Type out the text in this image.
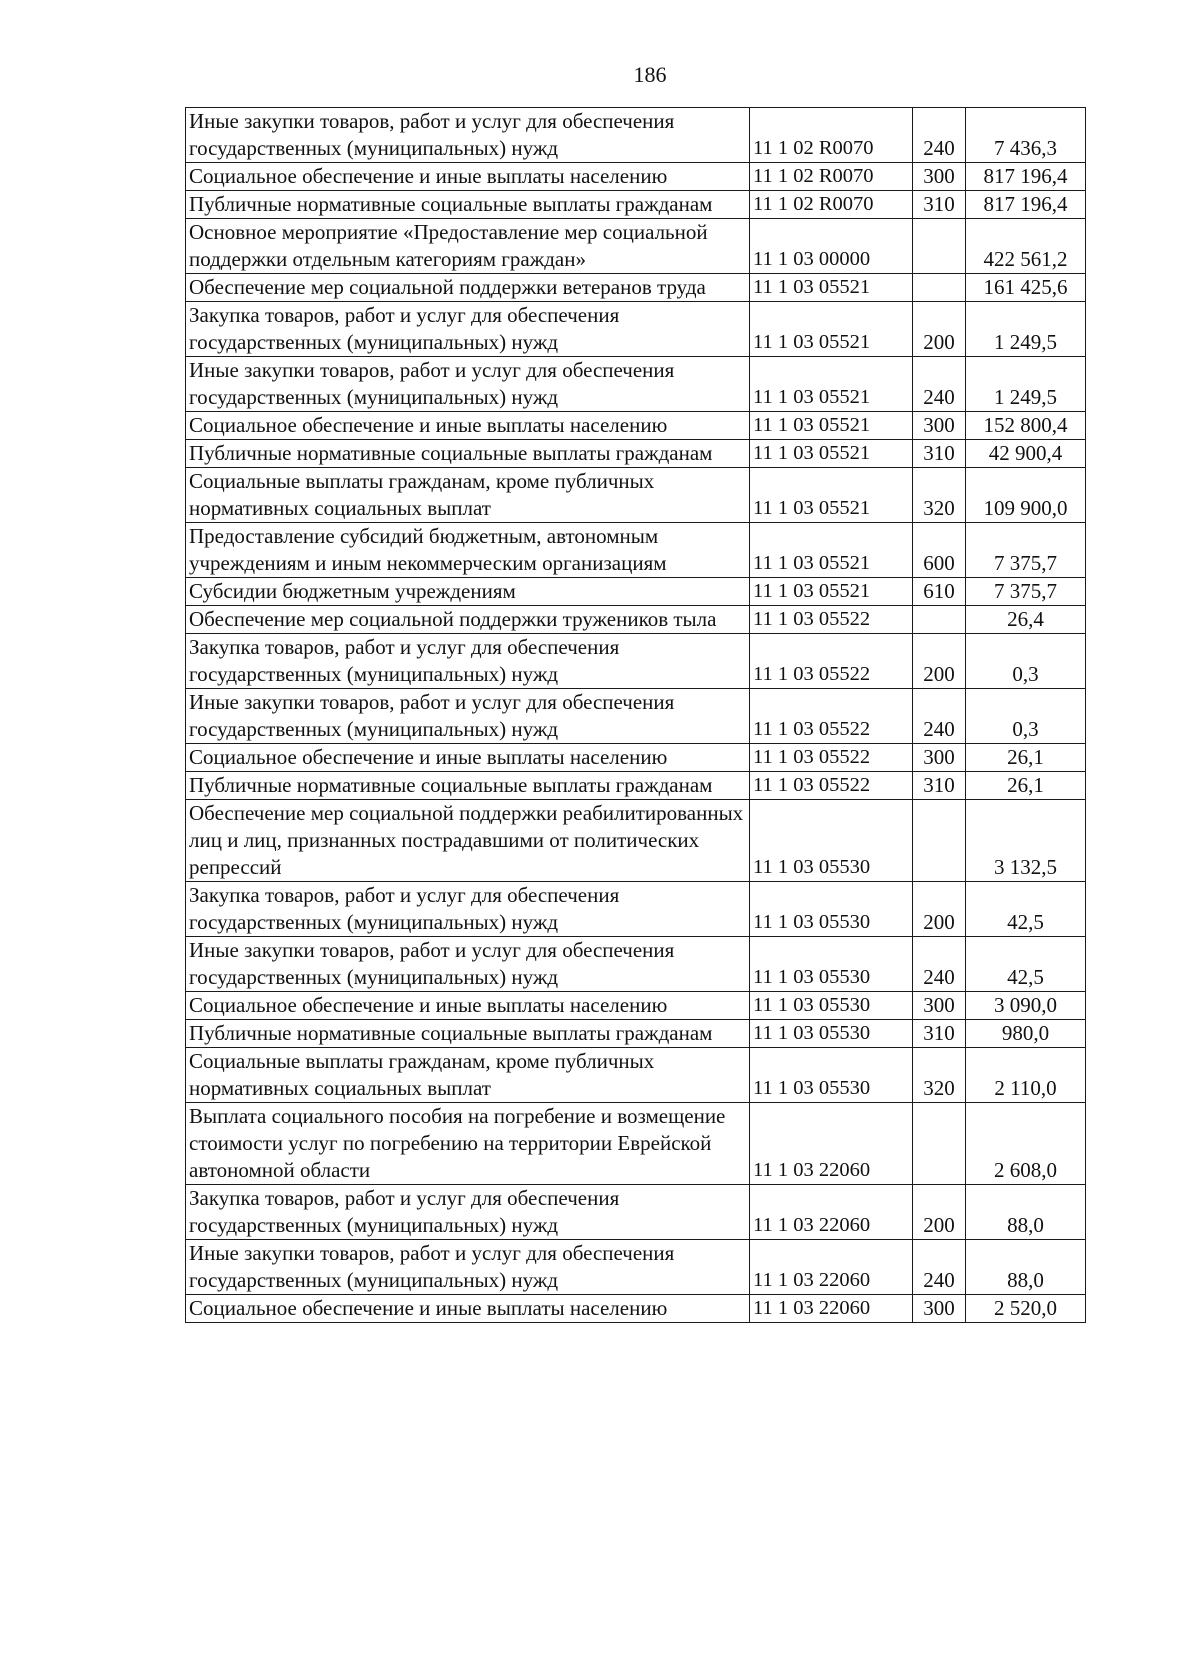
186
Иные закупки товаров, работ и услуг для обеспечения государственных (муниципальных) нужд	11 1 02 R0070	240	7 436,3
Социальное обеспечение и иные выплаты населению	11 1 02 R0070	300	817 196,4
Публичные нормативные социальные выплаты гражданам	11 1 02 R0070	310	817 196,4
Основное мероприятие «Предоставление мер социальной поддержки отдельным категориям граждан»	11 1 03 00000		422 561,2
Обеспечение мер социальной поддержки ветеранов труда	11 1 03 05521		161 425,6
Закупка товаров, работ и услуг для обеспечения государственных (муниципальных) нужд	11 1 03 05521	200	1 249,5
Иные закупки товаров, работ и услуг для обеспечения государственных (муниципальных) нужд	11 1 03 05521	240	1 249,5
Социальное обеспечение и иные выплаты населению	11 1 03 05521	300	152 800,4
Публичные нормативные социальные выплаты гражданам	11 1 03 05521	310	42 900,4
Социальные выплаты гражданам, кроме публичных нормативных социальных выплат	11 1 03 05521	320	109 900,0
Предоставление субсидий бюджетным, автономным учреждениям и иным некоммерческим организациям	11 1 03 05521	600	7 375,7
Субсидии бюджетным учреждениям	11 1 03 05521	610	7 375,7
Обеспечение мер социальной поддержки тружеников тыла	11 1 03 05522		26,4
Закупка товаров, работ и услуг для обеспечения государственных (муниципальных) нужд	11 1 03 05522	200	0,3
Иные закупки товаров, работ и услуг для обеспечения государственных (муниципальных) нужд	11 1 03 05522	240	0,3
Социальное обеспечение и иные выплаты населению	11 1 03 05522	300	26,1
Публичные нормативные социальные выплаты гражданам	11 1 03 05522	310	26,1
Обеспечение мер социальной поддержки реабилитированных лиц и лиц, признанных пострадавшими от политических репрессий	11 1 03 05530		3 132,5
Закупка товаров, работ и услуг для обеспечения государственных (муниципальных) нужд	11 1 03 05530	200	42,5
Иные закупки товаров, работ и услуг для обеспечения государственных (муниципальных) нужд	11 1 03 05530	240	42,5
Социальное обеспечение и иные выплаты населению	11 1 03 05530	300	3 090,0
Публичные нормативные социальные выплаты гражданам	11 1 03 05530	310	980,0
Социальные выплаты гражданам, кроме публичных нормативных социальных выплат	11 1 03 05530	320	2 110,0
Выплата социального пособия на погребение и возмещение стоимости услуг по погребению на территории Еврейской автономной области	11 1 03 22060		2 608,0
Закупка товаров, работ и услуг для обеспечения государственных (муниципальных) нужд	11 1 03 22060	200	88,0
Иные закупки товаров, работ и услуг для обеспечения государственных (муниципальных) нужд	11 1 03 22060	240	88,0
Социальное обеспечение и иные выплаты населению	11 1 03 22060	300	2 520,0
